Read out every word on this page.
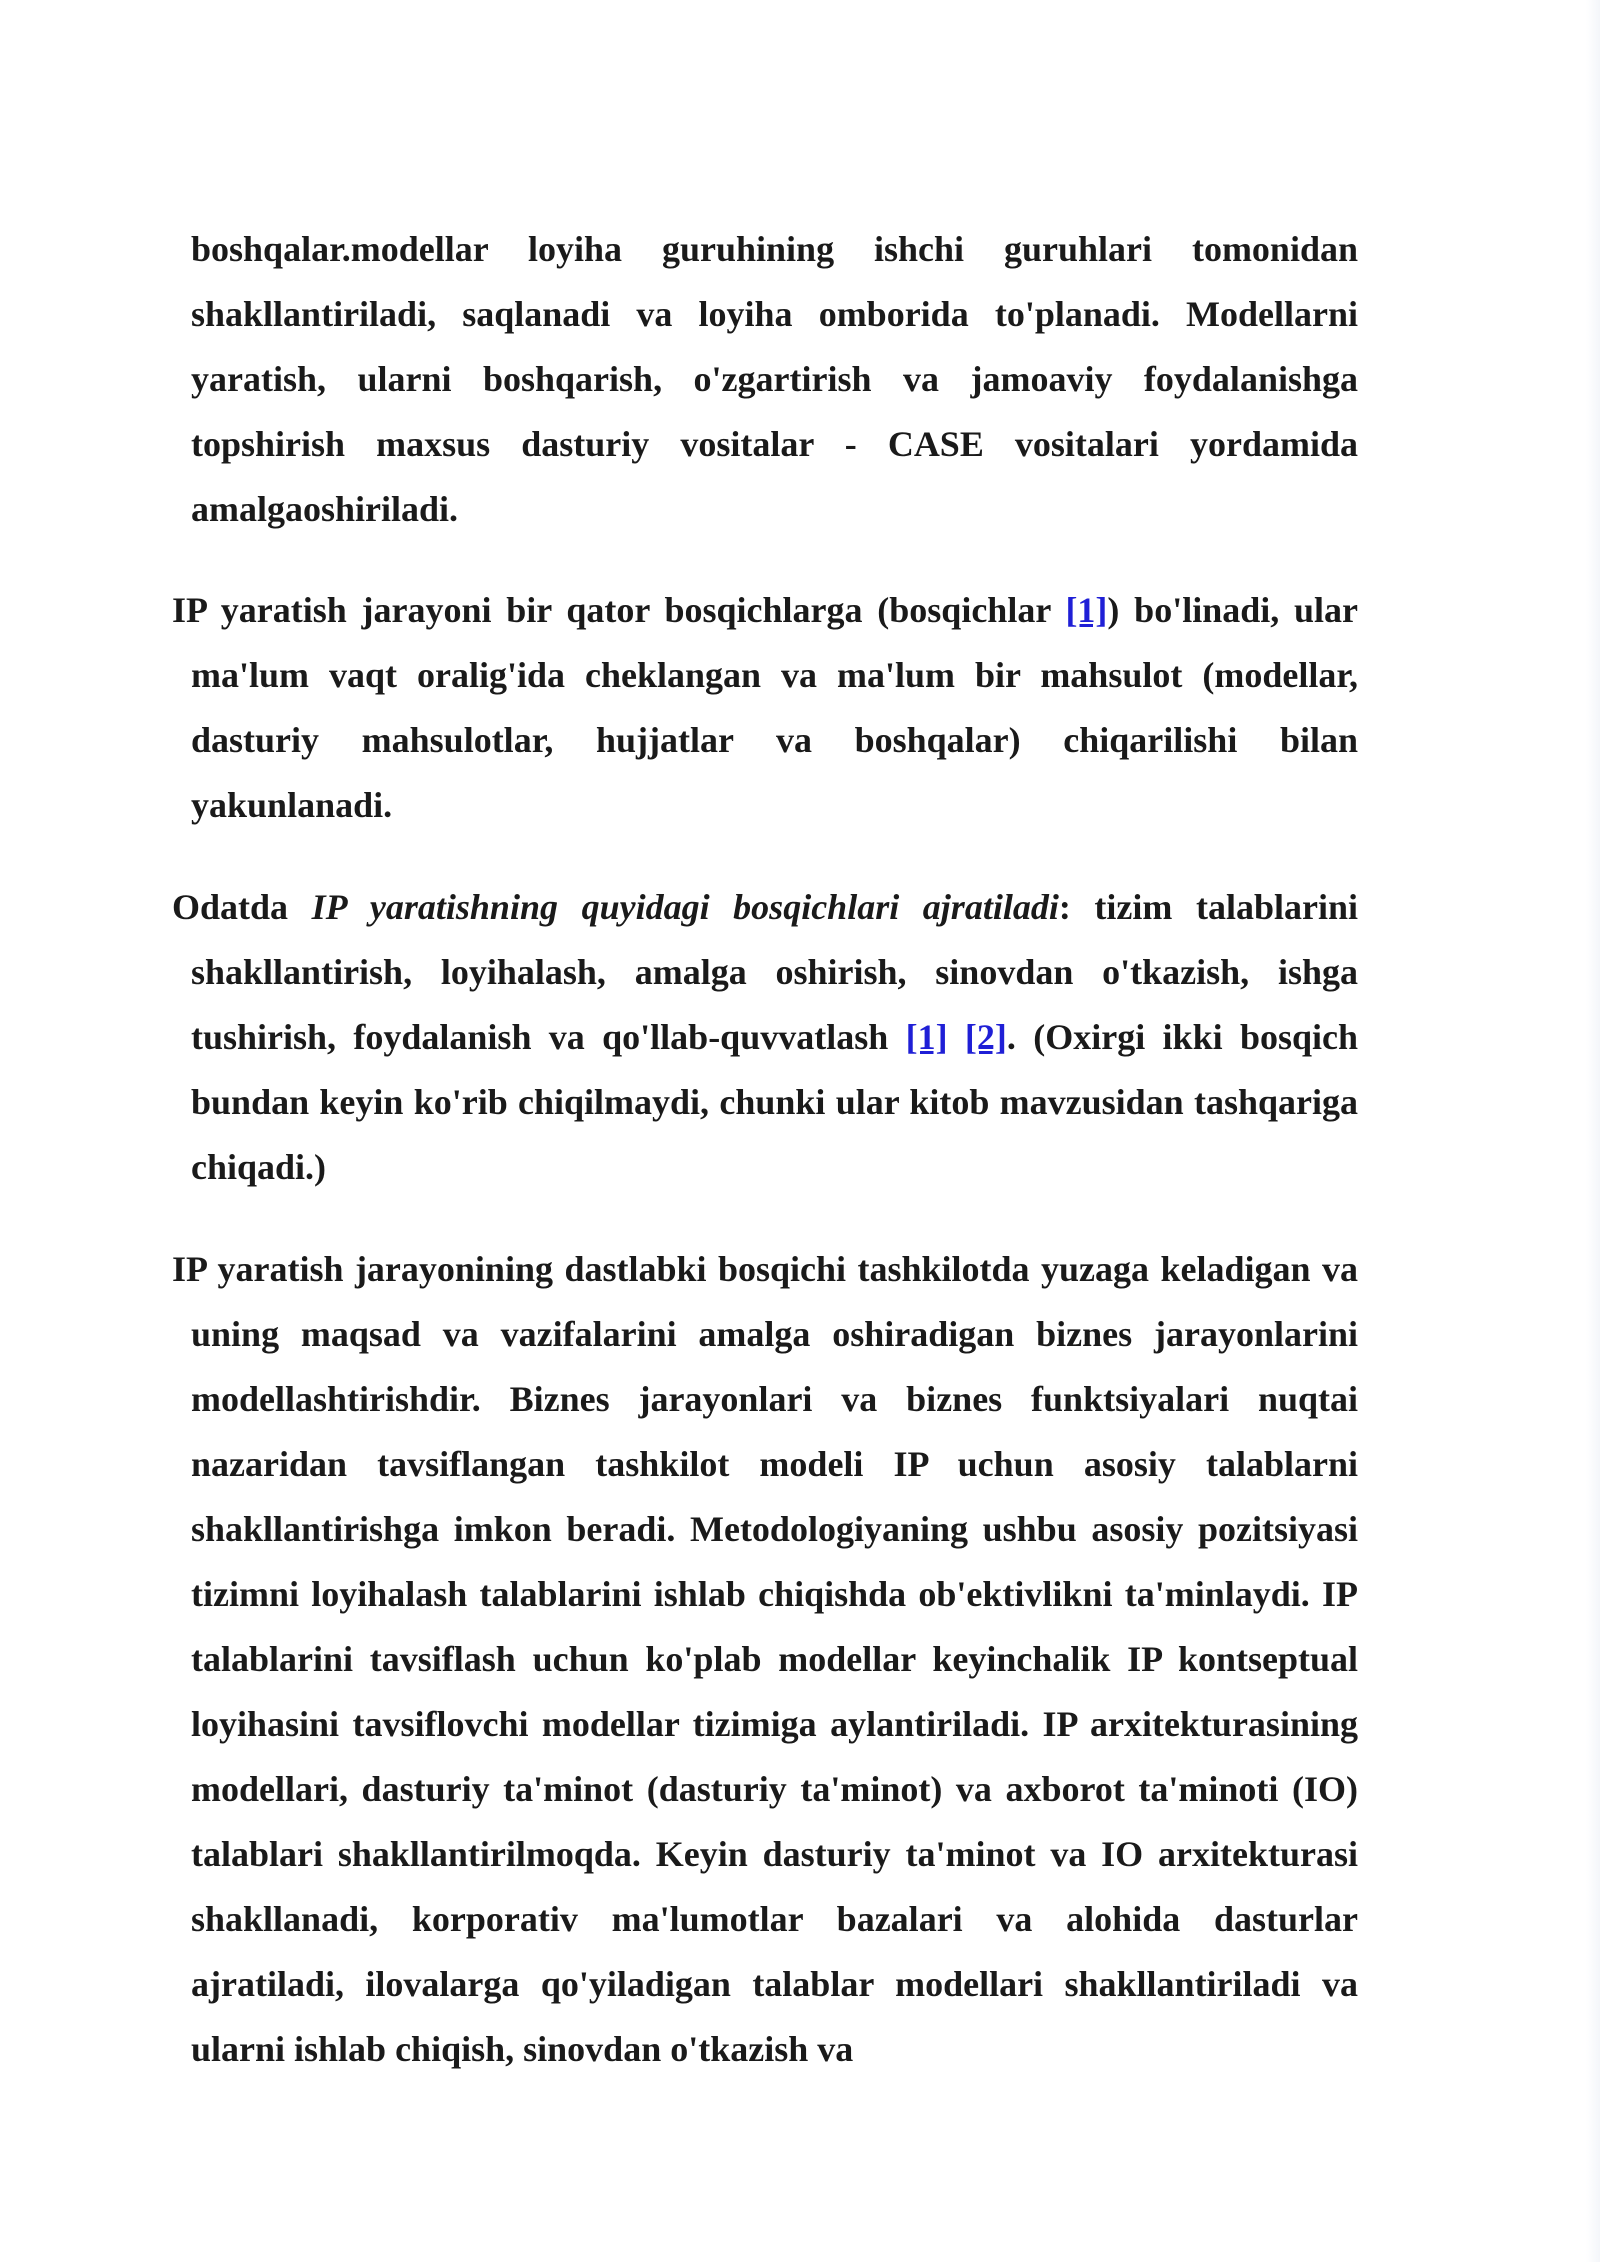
boshqalar.modellar loyiha guruhining ishchi guruhlari tomonidan shakllantiriladi, saqlanadi va loyiha omborida to'planadi. Modellarni yaratish, ularni boshqarish, o'zgartirish va jamoaviy foydalanishga topshirish maxsus dasturiy vositalar - CASE vositalari yordamida amalgaoshiriladi.

IP yaratish jarayoni bir qator bosqichlarga (bosqichlar [1]) bo'linadi, ular ma'lum vaqt oralig'ida cheklangan va ma'lum bir mahsulot (modellar, dasturiy mahsulotlar, hujjatlar va boshqalar) chiqarilishi bilan yakunlanadi.

Odatda IP yaratishning quyidagi bosqichlari ajratiladi: tizim talablarini shakllantirish, loyihalash, amalga oshirish, sinovdan o'tkazish, ishga tushirish, foydalanish va qo'llab-quvvatlash [1] [2]. (Oxirgi ikki bosqich bundan keyin ko'rib chiqilmaydi, chunki ular kitob mavzusidan tashqariga chiqadi.)

IP yaratish jarayonining dastlabki bosqichi tashkilotda yuzaga keladigan va uning maqsad va vazifalarini amalga oshiradigan biznes jarayonlarini modellashtirishdir. Biznes jarayonlari va biznes funktsiyalari nuqtai nazaridan tavsiflangan tashkilot modeli IP uchun asosiy talablarni shakllantirishga imkon beradi. Metodologiyaning ushbu asosiy pozitsiyasi tizimni loyihalash talablarini ishlab chiqishda ob'ektivlikni ta'minlaydi. IP talablarini tavsiflash uchun ko'plab modellar keyinchalik IP kontseptual loyihasini tavsiflovchi modellar tizimiga aylantiriladi. IP arxitekturasining modellari, dasturiy ta'minot (dasturiy ta'minot) va axborot ta'minoti (IO) talablari shakllantirilmoqda. Keyin dasturiy ta'minot va IO arxitekturasi shakllanadi, korporativ ma'lumotlar bazalari va alohida dasturlar ajratiladi, ilovalarga qo'yiladigan talablar modellari shakllantiriladi va ularni ishlab chiqish, sinovdan o'tkazish va
